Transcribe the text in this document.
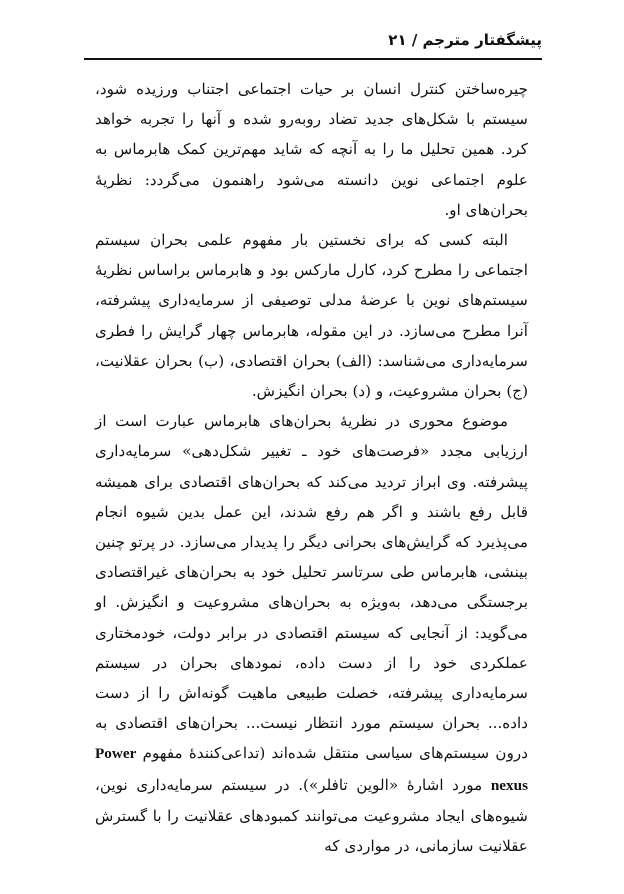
پیشگفتار مترجم / ۲۱

چیره‌ساختن کنترل انسان بر حیات اجتماعی اجتناب ورزیده شود، سیستم با شکل‌های جدید تضاد روبه‌رو شده و آنها را تجربه خواهد کرد. همین تحلیل ما را به آنچه که شاید مهم‌ترین کمک هابرماس به علوم اجتماعی نوین دانسته می‌شود راهنمون می‌گردد: نظریهٔ بحران‌های او.

البته کسی که برای نخستین بار مفهوم علمی بحران سیستم اجتماعی را مطرح کرد، کارل مارکس بود و هابرماس براساس نظریهٔ سیستم‌های نوین با عرضهٔ مدلی توصیفی از سرمایه‌داری پیشرفته، آنرا مطرح می‌سازد. در این مقوله، هابرماس چهار گرایش را فطری سرمایه‌داری می‌شناسد: (الف) بحران اقتصادی، (ب) بحران عقلانیت، (ج) بحران مشروعیت، و (د) بحران انگیزش.

موضوع محوری در نظریهٔ بحران‌های هابرماس عبارت است از ارزیابی مجدد «فرصت‌های خود ـ تغییر شکل‌دهی» سرمایه‌داری پیشرفته. وی ابراز تردید می‌کند که بحران‌های اقتصادی برای همیشه قابل رفع باشند و اگر هم رفع شدند، این عمل بدین شیوه انجام می‌پذیرد که گرایش‌های بحرانی دیگر را پدیدار می‌سازد. در پرتو چنین بینشی، هابرماس طی سرتاسر تحلیل خود به بحران‌های غیراقتصادی برجستگی می‌دهد، به‌ویژه به بحران‌های مشروعیت و انگیزش. او می‌گوید: از آنجایی که سیستم اقتصادی در برابر دولت، خودمختاری عملکردی خود را از دست داده، نمودهای بحران در سیستم سرمایه‌داری پیشرفته، خصلت طبیعی ماهیت گونه‌اش را از دست داده... بحران سیستم مورد انتظار نیست... بحران‌های اقتصادی به درون سیستم‌های سیاسی منتقل شده‌اند (تداعی‌کنندهٔ مفهوم Power nexus مورد اشارهٔ «الوین تافلر»). در سیستم سرمایه‌داری نوین، شیوه‌های ایجاد مشروعیت می‌توانند کمبودهای عقلانیت را با گسترش عقلانیت سازمانی، در مواردی که
